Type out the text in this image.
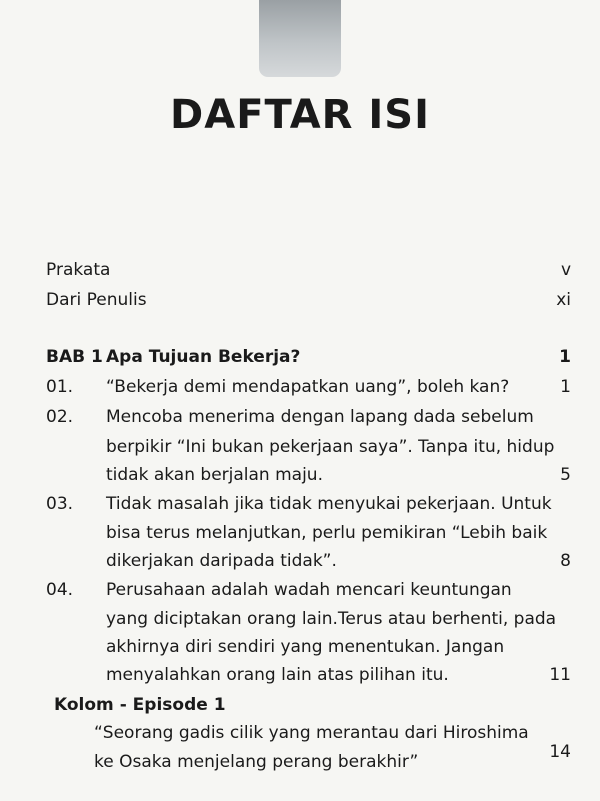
DAFTAR ISI
Prakata	v
Dari Penulis	xi
BAB 1 Apa Tujuan Bekerja?	1
01. “Bekerja demi mendapatkan uang”, boleh kan?	1
02. Mencoba menerima dengan lapang dada sebelum
berpikir “Ini bukan pekerjaan saya”. Tanpa itu, hidup
tidak akan berjalan maju.	5
03. Tidak masalah jika tidak menyukai pekerjaan. Untuk
bisa terus melanjutkan, perlu pemikiran “Lebih baik
dikerjakan daripada tidak”.	8
04. Perusahaan adalah wadah mencari keuntungan
yang diciptakan orang lain.Terus atau berhenti, pada
akhirnya diri sendiri yang menentukan. Jangan
menyalahkan orang lain atas pilihan itu.	11
Kolom - Episode 1
“Seorang gadis cilik yang merantau dari Hiroshima
ke Osaka menjelang perang berakhir”	14
